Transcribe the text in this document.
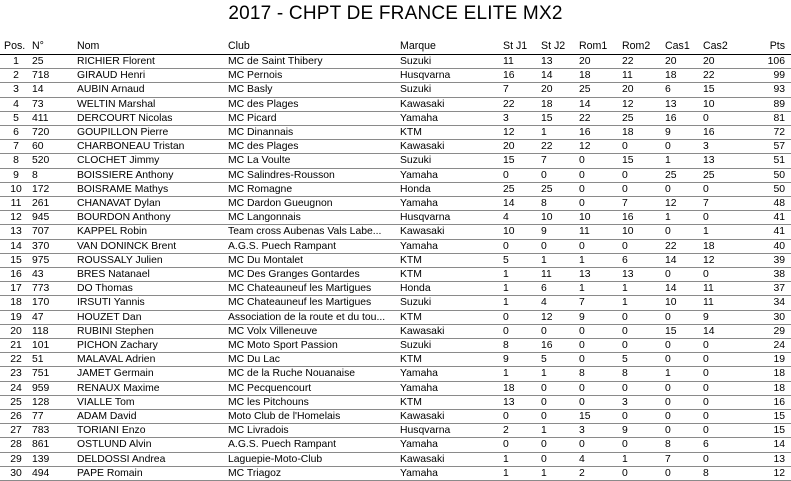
2017 - CHPT DE FRANCE ELITE MX2
Pos.	N°	Nom	Club	Marque	St J1	St J2	Rom1	Rom2	Cas1	Cas2	Pts
1	25	RICHIER Florent	MC de Saint Thibery	Suzuki	11	13	20	22	20	20	106
2	718	GIRAUD Henri	MC Pernois	Husqvarna	16	14	18	11	18	22	99
3	14	AUBIN Arnaud	MC Basly	Suzuki	7	20	25	20	6	15	93
4	73	WELTIN Marshal	MC des Plages	Kawasaki	22	18	14	12	13	10	89
5	411	DERCOURT Nicolas	MC Picard	Yamaha	3	15	22	25	16	0	81
6	720	GOUPILLON Pierre	MC Dinannais	KTM	12	1	16	18	9	16	72
7	60	CHARBONEAU Tristan	MC des Plages	Kawasaki	20	22	12	0	0	3	57
8	520	CLOCHET Jimmy	MC La Voulte	Suzuki	15	7	0	15	1	13	51
9	8	BOISSIERE Anthony	MC Salindres-Rousson	Yamaha	0	0	0	0	25	25	50
10	172	BOISRAME Mathys	MC Romagne	Honda	25	25	0	0	0	0	50
11	261	CHANAVAT Dylan	MC Dardon Gueugnon	Yamaha	14	8	0	7	12	7	48
12	945	BOURDON Anthony	MC Langonnais	Husqvarna	4	10	10	16	1	0	41
13	707	KAPPEL Robin	Team cross Aubenas Vals Labe...	Kawasaki	10	9	11	10	0	1	41
14	370	VAN DONINCK Brent	A.G.S. Puech Rampant	Yamaha	0	0	0	0	22	18	40
15	975	ROUSSALY Julien	MC Du Montalet	KTM	5	1	1	6	14	12	39
16	43	BRES Natanael	MC Des Granges Gontardes	KTM	1	11	13	13	0	0	38
17	773	DO Thomas	MC Chateauneuf les Martigues	Honda	1	6	1	1	14	11	37
18	170	IRSUTI Yannis	MC Chateauneuf les Martigues	Suzuki	1	4	7	1	10	11	34
19	47	HOUZET Dan	Association de la route et du tou...	KTM	0	12	9	0	0	9	30
20	118	RUBINI Stephen	MC Volx Villeneuve	Kawasaki	0	0	0	0	15	14	29
21	101	PICHON Zachary	MC Moto Sport Passion	Suzuki	8	16	0	0	0	0	24
22	51	MALAVAL Adrien	MC Du Lac	KTM	9	5	0	5	0	0	19
23	751	JAMET Germain	MC de la Ruche Nouanaise	Yamaha	1	1	8	8	1	0	18
24	959	RENAUX Maxime	MC Pecquencourt	Yamaha	18	0	0	0	0	0	18
25	128	VIALLE Tom	MC les Pitchouns	KTM	13	0	0	3	0	0	16
26	77	ADAM David	Moto Club de l'Homelais	Kawasaki	0	0	15	0	0	0	15
27	783	TORIANI Enzo	MC Livradois	Husqvarna	2	1	3	9	0	0	15
28	861	OSTLUND Alvin	A.G.S. Puech Rampant	Yamaha	0	0	0	0	8	6	14
29	139	DELDOSSI Andrea	Laguepie-Moto-Club	Kawasaki	1	0	4	1	7	0	13
30	494	PAPE Romain	MC Triagoz	Yamaha	1	1	2	0	0	8	12
